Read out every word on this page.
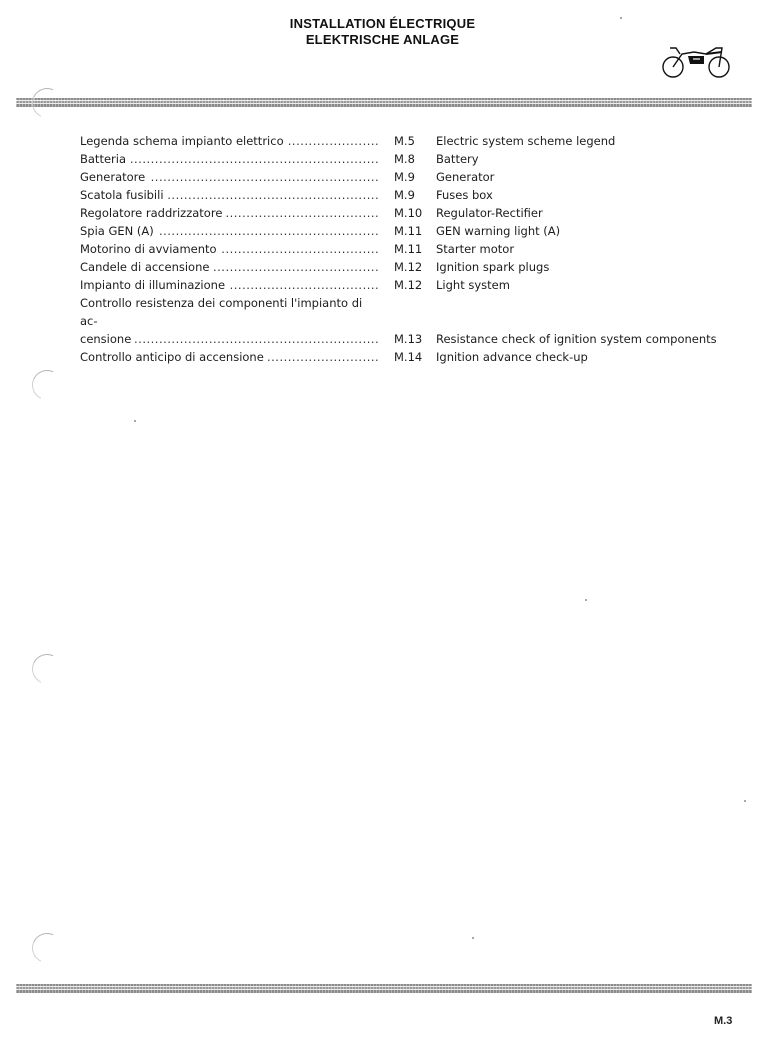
INSTALLATION ÉLECTRIQUE
ELEKTRISCHE ANLAGE
Legenda schema impianto elettrico .....	M.5	Electric system scheme legend
Batteria .....	M.8	Battery
Generatore .....	M.9	Generator
Scatola fusibili .....	M.9	Fuses box
Regolatore raddrizzatore .....	M.10	Regulator-Rectifier
Spia GEN (A) .....	M.11	GEN warning light (A)
Motorino di avviamento .....	M.11	Starter motor
Candele di accensione .....	M.12	Ignition spark plugs
Impianto di illuminazione .....	M.12	Light system
Controllo resistenza dei componenti l'impianto di ac-
censione .....	M.13	Resistance check of ignition system components
Controllo anticipo di accensione .....	M.14	Ignition advance check-up
M.3
